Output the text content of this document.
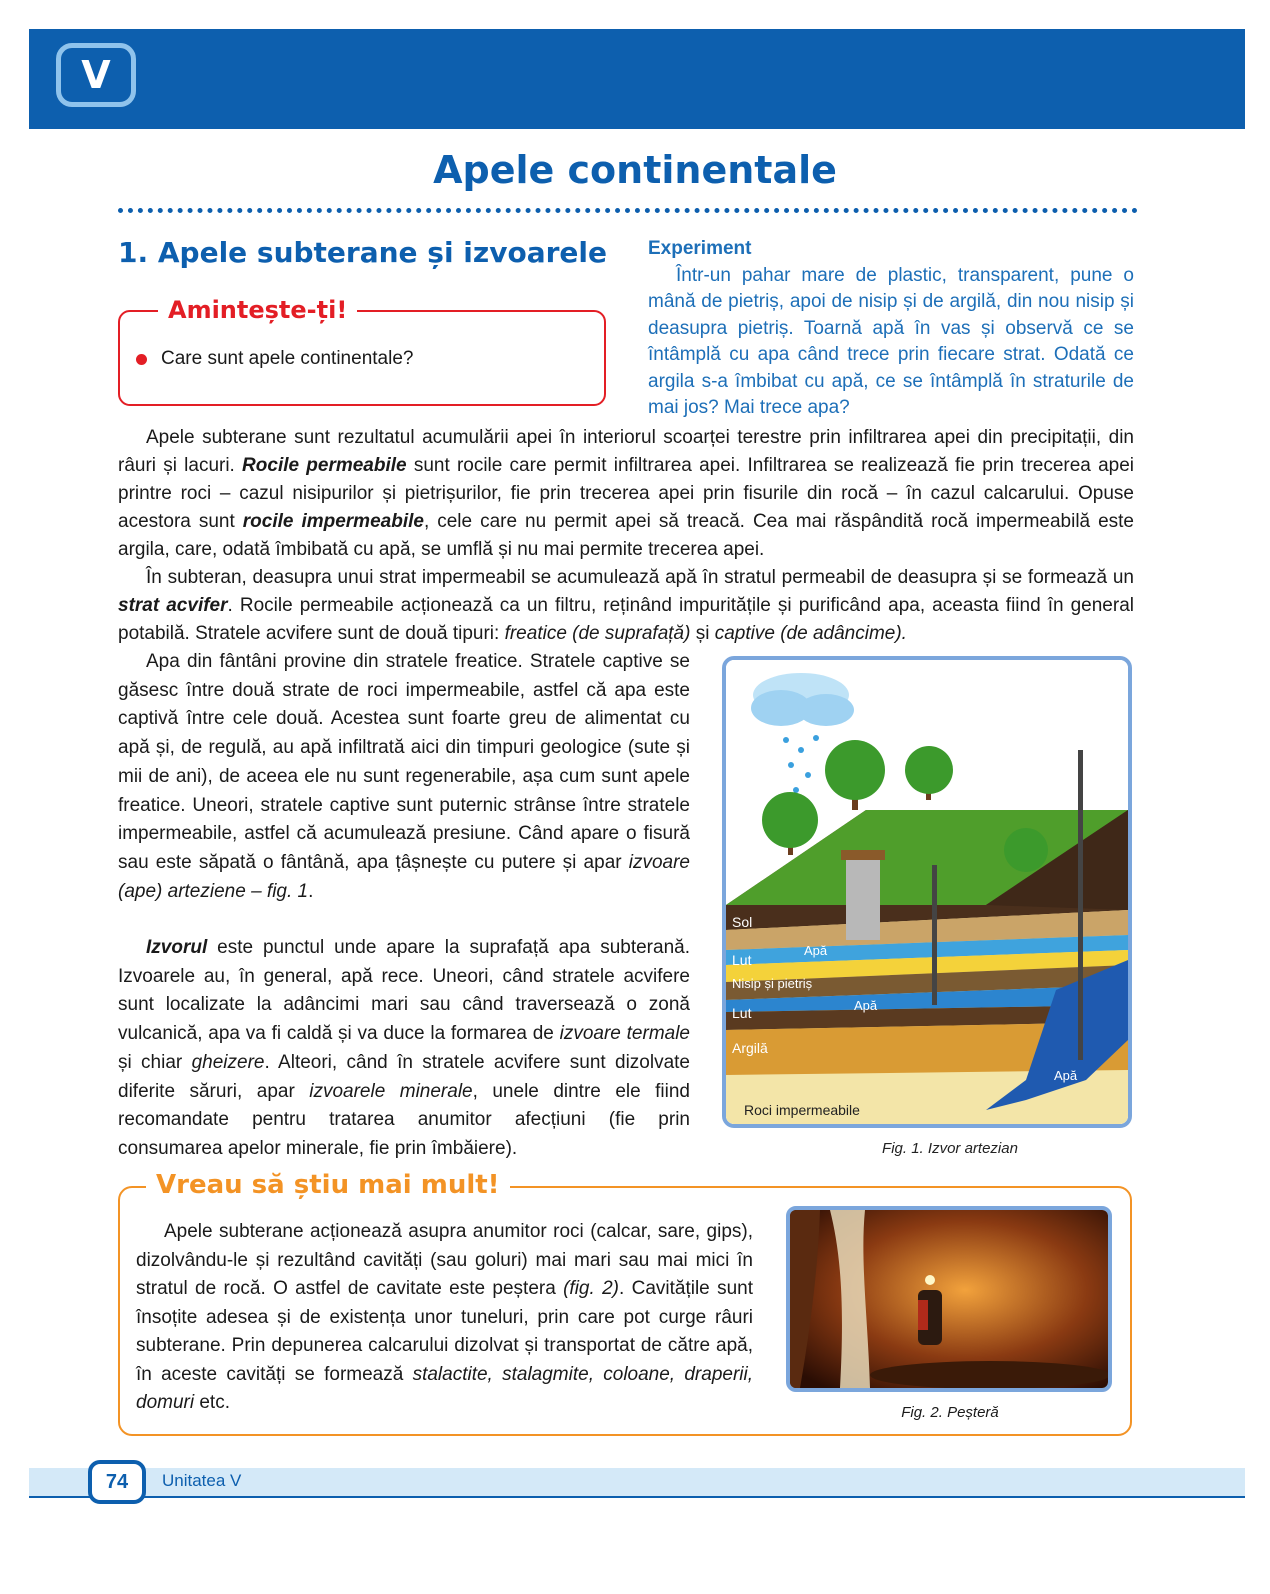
V
Apele continentale
1. Apele subterane și izvoarele
Amintește-ți!
Care sunt apele continentale?
Experiment
Într-un pahar mare de plastic, transparent, pune o mână de pietriș, apoi de nisip și de argilă, din nou nisip și deasupra pietriș. Toarnă apă în vas și observă ce se întâmplă cu apa când trece prin fiecare strat. Odată ce argila s-a îmbibat cu apă, ce se întâmplă în straturile de mai jos? Mai trece apa?
Apele subterane sunt rezultatul acumulării apei în interiorul scoarței terestre prin infiltrarea apei din precipitații, din râuri și lacuri. Rocile permeabile sunt rocile care permit infiltrarea apei. Infiltrarea se realizează fie prin trecerea apei printre roci – cazul nisipurilor și pietrișurilor, fie prin trecerea apei prin fisurile din rocă – în cazul calcarului. Opuse acestora sunt rocile impermeabile, cele care nu permit apei să treacă. Cea mai răspândită rocă impermeabilă este argila, care, odată îmbibată cu apă, se umflă și nu mai permite trecerea apei.
În subteran, deasupra unui strat impermeabil se acumulează apă în stratul permeabil de deasupra și se formează un strat acvifer. Rocile permeabile acționează ca un filtru, reținând impuritățile și purificând apa, aceasta fiind în general potabilă. Stratele acvifere sunt de două tipuri: freatice (de suprafață) și captive (de adâncime).
Apa din fântâni provine din stratele freatice. Stratele captive se găsesc între două strate de roci impermeabile, astfel că apa este captivă între cele două. Acestea sunt foarte greu de alimentat cu apă și, de regulă, au apă infiltrată aici din timpuri geologice (sute și mii de ani), de aceea ele nu sunt regenerabile, așa cum sunt apele freatice. Uneori, stratele captive sunt puternic strânse între stratele impermeabile, astfel că acumulează presiune. Când apare o fisură sau este săpată o fântână, apa țâșnește cu putere și apar izvoare (ape) arteziene – fig. 1.
Izvorul este punctul unde apare la suprafață apa subterană. Izvoarele au, în general, apă rece. Uneori, când stratele acvifere sunt localizate la adâncimi mari sau când traversează o zonă vulcanică, apa va fi caldă și va duce la formarea de izvoare termale și chiar gheizere. Alteori, când în stratele acvifere sunt dizolvate diferite săruri, apar izvoarele minerale, unele dintre ele fiind recomandate pentru tratarea anumitor afecțiuni (fie prin consumarea apelor minerale, fie prin îmbăiere).
Sol
Lut
Nisip și pietriș
Lut
Argilă
Roci impermeabile
Apă
Apă
Apă
Fig. 1. Izvor artezian
Vreau să știu mai mult!
Apele subterane acționează asupra anumitor roci (calcar, sare, gips), dizolvându-le și rezultând cavități (sau goluri) mai mari sau mai mici în stratul de rocă. O astfel de cavitate este peștera (fig. 2). Cavitățile sunt însoțite adesea și de existența unor tuneluri, prin care pot curge râuri subterane. Prin depunerea calcarului dizolvat și transportat de către apă, în aceste cavități se formează stalactite, stalagmite, coloane, draperii, domuri etc.	Fig. 2. Peșteră
74	Unitatea V
